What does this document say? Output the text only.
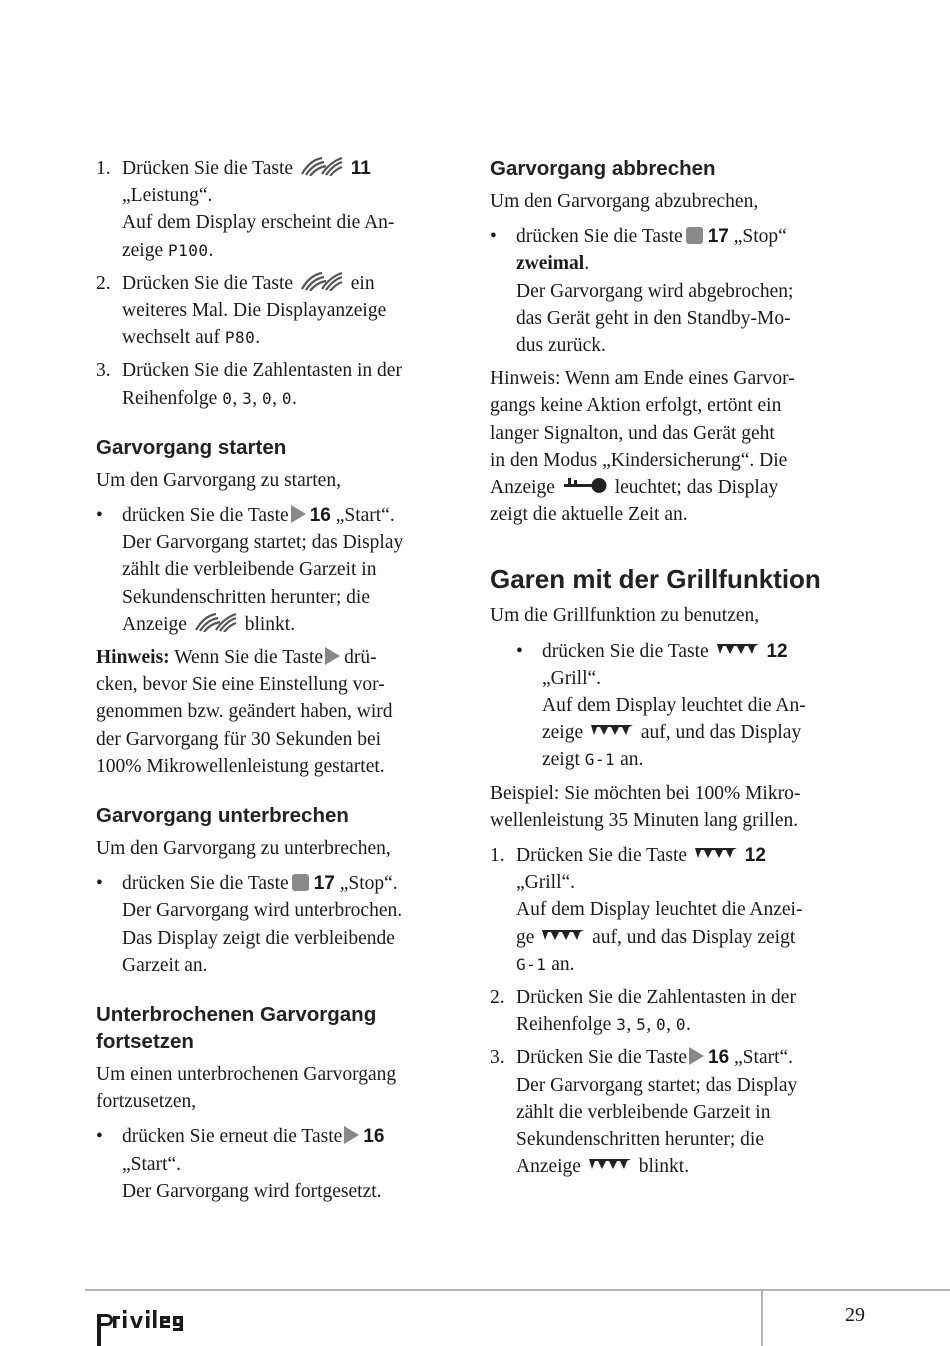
1. Drücken Sie die Taste	11

„Leistung“.

Auf dem Display erscheint die An-

zeige P100.

2. Drücken Sie die Taste	ein

weiteres Mal. Die Displayanzeige

wechselt auf P80.

3. Drücken Sie die Zahlentasten in der

Reihenfolge 0, 3, 0, 0.

Garvorgang starten

Um den Garvorgang zu starten,

• drücken Sie die Taste 16 „Start“.

Der Garvorgang startet; das Display

zählt die verbleibende Garzeit in

Sekundenschritten herunter; die

Anzeige	blinkt.

Hinweis: Wenn Sie die Taste drü-

cken, bevor Sie eine Einstellung vor-

genommen bzw. geändert haben, wird

der Garvorgang für 30 Sekunden bei

100% Mikrowellenleistung gestartet.

Garvorgang unterbrechen

Um den Garvorgang zu unterbrechen,

• drücken Sie die Taste 17 „Stop“.

Der Garvorgang wird unterbrochen.

Das Display zeigt die verbleibende

Garzeit an.

Unterbrochenen Garvorgang
fortsetzen

Um einen unterbrochenen Garvorgang

fortzusetzen,

• drücken Sie erneut die Taste 16

„Start“.

Der Garvorgang wird fortgesetzt.

Garvorgang abbrechen

Um den Garvorgang abzubrechen,

• drücken Sie die Taste 17 „Stop“

zweimal.

Der Garvorgang wird abgebrochen;

das Gerät geht in den Standby-Mo-

dus zurück.

Hinweis: Wenn am Ende eines Garvor-

gangs keine Aktion erfolgt, ertönt ein

langer Signalton, und das Gerät geht

in den Modus „Kindersicherung“. Die

Anzeige	leuchtet; das Display

zeigt die aktuelle Zeit an.

Garen mit der Grillfunktion

Um die Grillfunktion zu benutzen,

• drücken Sie die Taste	12

„Grill“.

Auf dem Display leuchtet die An-

zeige	auf, und das Display

zeigt G-1 an.

Beispiel: Sie möchten bei 100% Mikro-

wellenleistung 35 Minuten lang grillen.

1. Drücken Sie die Taste	12

„Grill“.

Auf dem Display leuchtet die Anzei-

ge	auf, und das Display zeigt

G-1 an.

2. Drücken Sie die Zahlentasten in der

Reihenfolge 3, 5, 0, 0.

3. Drücken Sie die Taste 16 „Start“.

Der Garvorgang startet; das Display

zählt die verbleibende Garzeit in

Sekundenschritten herunter; die

Anzeige	blinkt.

29
